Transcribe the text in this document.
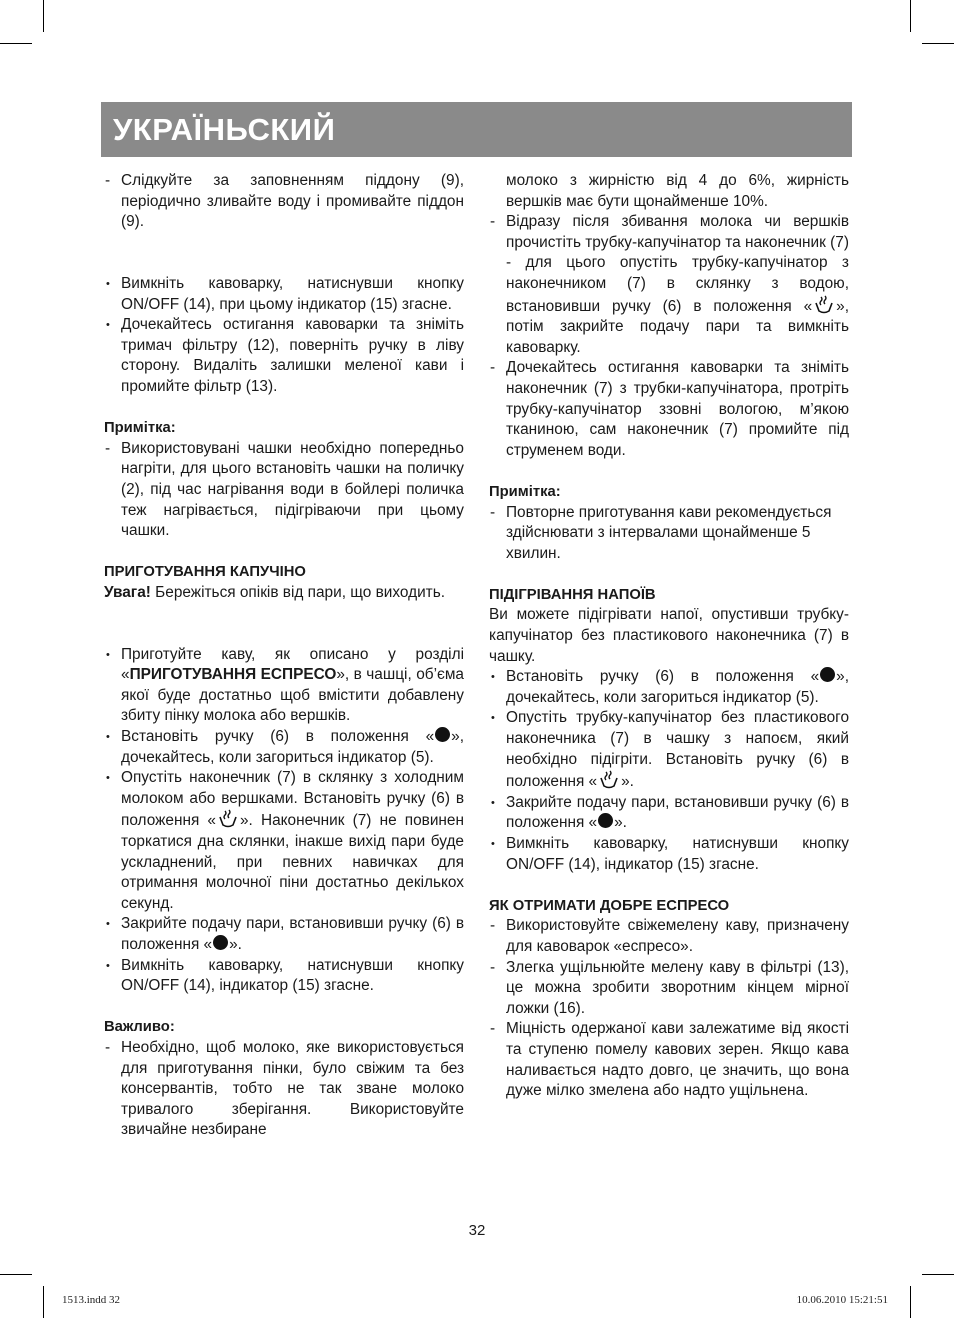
УКРАЇНЬСКИЙ
Слідкуйте за заповненням піддону (9), періодично зливайте воду і промивайте піддон (9).
Вимкніть кавоварку, натиснувши кнопку ON/OFF (14), при цьому індикатор (15) згасне.
Дочекайтесь остигання кавоварки та зніміть тримач фільтру (12), поверніть ручку в ліву сторону. Видаліть залишки меленої кави і промийте фільтр (13).
Примітка:
Використовувані чашки необхідно попередньо нагріти, для цього встановіть чашки на поличку (2), під час нагрівання води в бойлері поличка теж нагрівається, підігріваючи при цьому чашки.
ПРИГОТУВАННЯ КАПУЧІНО
Увага! Бережіться опіків від пари, що виходить.
Приготуйте каву, як описано у розділі «ПРИГОТУВАННЯ ЕСПРЕСО», в чашці, об’єма якої буде достатньо щоб вмістити добавлену збиту пінку молока або вершків.
Встановіть ручку (6) в положення « », дочекайтесь, коли загориться індикатор (5).
Опустіть наконечник (7) в склянку з холодним молоком або вершками. Встановіть ручку (6) в положення « ». Наконечник (7) не повинен торкатися дна склянки, інакше вихід пари буде ускладнений, при певних навичках для отримання молочної піни достатньо декількох секунд.
Закрийте подачу пари, встановивши ручку (6) в положення « ».
Вимкніть кавоварку, натиснувши кнопку ON/OFF (14), індикатор (15) згасне.
Важливо:
Необхідно, щоб молоко, яке використовується для приготування пінки, було свіжим та без консервантів, тобто не так зване молоко тривалого зберігання. Використовуйте звичайне незбиране
молоко з жирністю від 4 до 6%, жирність вершків має бути щонайменше 10%.
Відразу після збивання молока чи вершків прочистіть трубку-капучінатор та наконечник (7) - для цього опустіть трубку-капучінатор з наконечником (7) в склянку з водою, встановивши ручку (6) в положення « », потім закрийте подачу пари та вимкніть кавоварку.
Дочекайтесь остигання кавоварки та зніміть наконечник (7) з трубки-капучінатора, протріть трубку-капучінатор ззовні вологою, м’якою тканиною, сам наконечник (7) промийте під струменем води.
Примітка:
Повторне приготування кави рекомендується здійснювати з інтервалами щонайменше 5 хвилин.
ПІДІГРІВАННЯ НАПОЇВ
Ви можете підігрівати напої, опустивши трубку-капучінатор без пластикового наконечника (7) в чашку.
Встановіть ручку (6) в положення « », дочекайтесь, коли загориться індикатор (5).
Опустіть трубку-капучінатор без пластикового наконечника (7) в чашку з напоєм, який необхідно підігріти. Встановіть ручку (6) в положення « ».
Закрийте подачу пари, встановивши ручку (6) в положення « ».
Вимкніть кавоварку, натиснувши кнопку ON/OFF (14), індикатор (15) згасне.
ЯК ОТРИМАТИ ДОБРЕ ЕСПРЕСО
Використовуйте свіжемелену каву, призначену для кавоварок «еспресо».
Злегка ущільнюйте мелену каву в фільтрі (13), це можна зробити зворотним кінцем мірної ложки (16).
Міцність одержаної кави залежатиме від якості та ступеню помелу кавових зерен. Якщо кава наливається надто довго, це значить, що вона дуже мілко змелена або надто ущільнена.
32
1513.indd 32	10.06.2010 15:21:51
